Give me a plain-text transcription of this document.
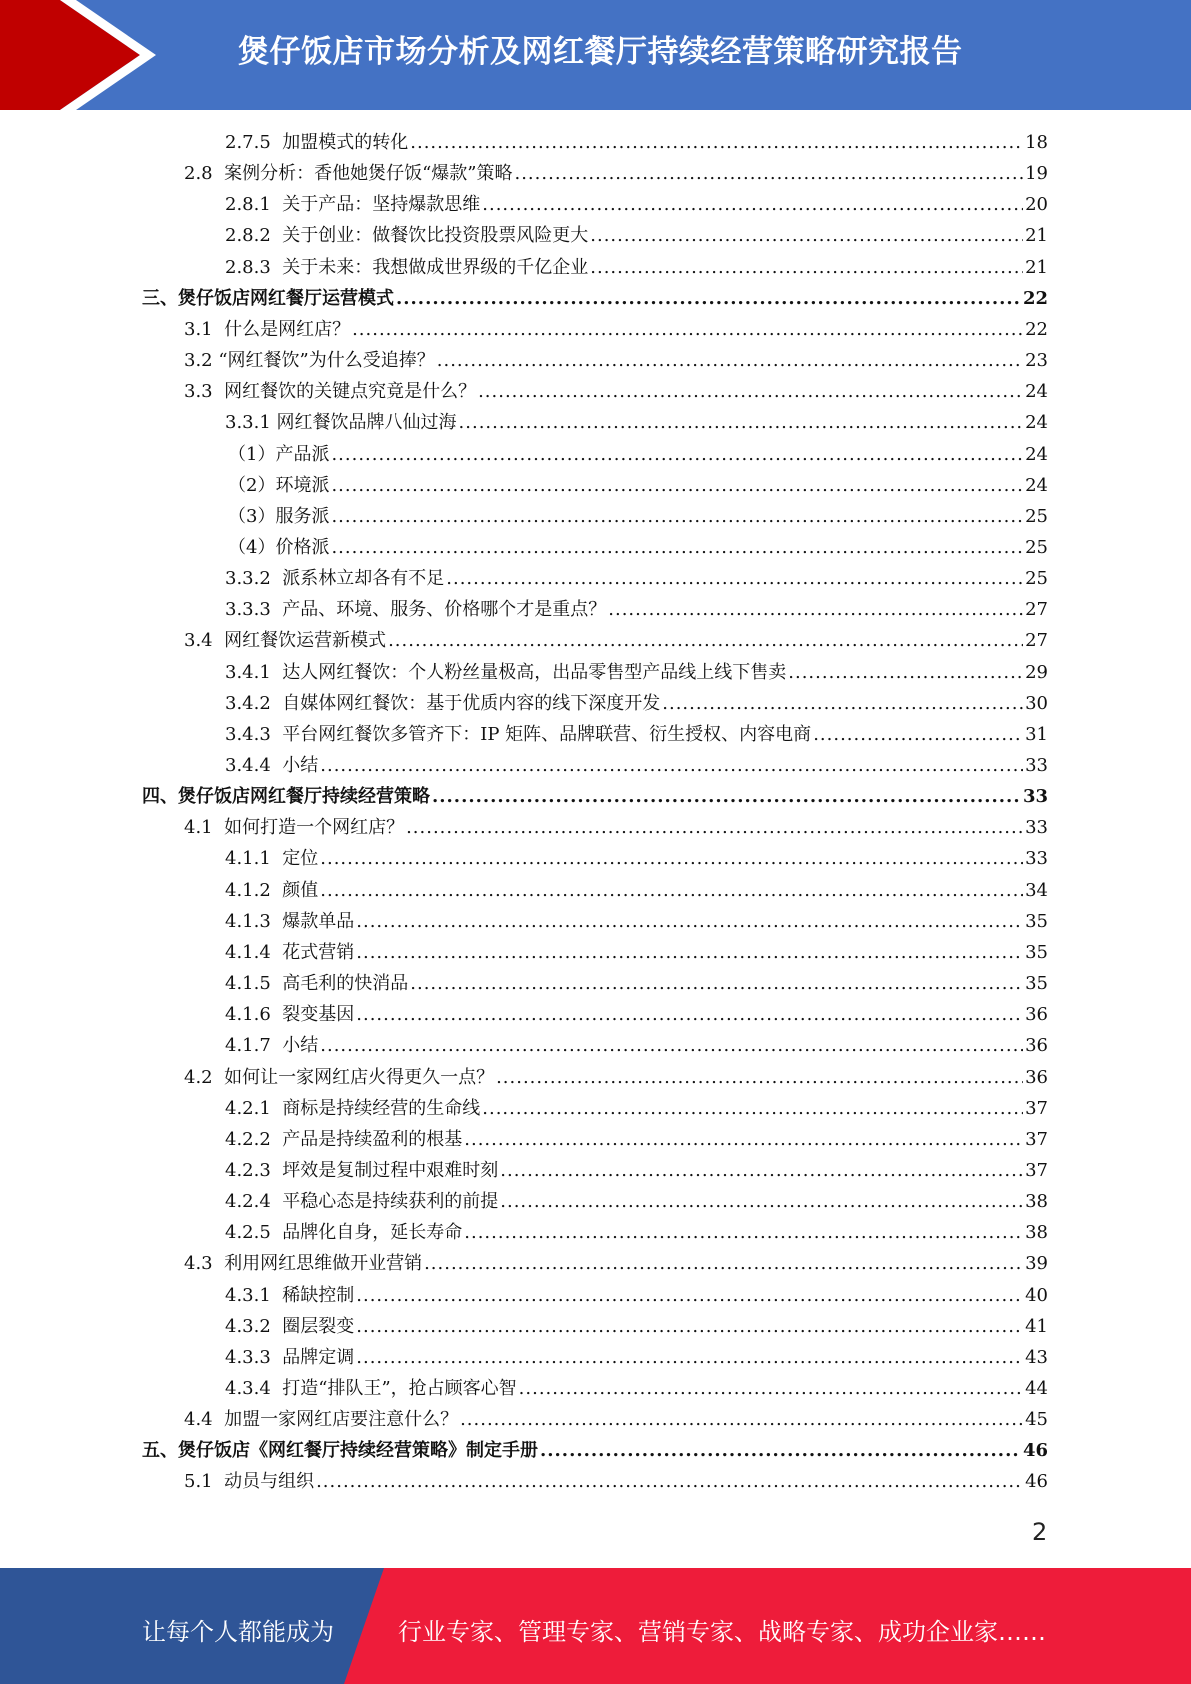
煲仔饭店市场分析及网红餐厅持续经营策略研究报告
2.7.5  加盟模式的转化 .....	18
2.8  案例分析：香他她煲仔饭“爆款”策略 .....	19
2.8.1  关于产品：坚持爆款思维 .....	20
2.8.2  关于创业：做餐饮比投资股票风险更大 .....	21
2.8.3  关于未来：我想做成世界级的千亿企业 .....	21
三、煲仔饭店网红餐厅运营模式 .....	22
3.1  什么是网红店？ .....	22
3.2 “网红餐饮”为什么受追捧？ .....	23
3.3  网红餐饮的关键点究竟是什么？ .....	24
3.3.1 网红餐饮品牌八仙过海 .....	24
（1）产品派 .....	24
（2）环境派 .....	24
（3）服务派 .....	25
（4）价格派 .....	25
3.3.2  派系林立却各有不足 .....	25
3.3.3  产品、环境、服务、价格哪个才是重点？ .....	27
3.4  网红餐饮运营新模式 .....	27
3.4.1  达人网红餐饮：个人粉丝量极高，出品零售型产品线上线下售卖 .....	29
3.4.2  自媒体网红餐饮：基于优质内容的线下深度开发 .....	30
3.4.3  平台网红餐饮多管齐下：IP 矩阵、品牌联营、衍生授权、内容电商 .....	31
3.4.4  小结 .....	33
四、煲仔饭店网红餐厅持续经营策略 .....	33
4.1  如何打造一个网红店？ .....	33
4.1.1  定位 .....	33
4.1.2  颜值 .....	34
4.1.3  爆款单品 .....	35
4.1.4  花式营销 .....	35
4.1.5  高毛利的快消品 .....	35
4.1.6  裂变基因 .....	36
4.1.7  小结 .....	36
4.2  如何让一家网红店火得更久一点？ .....	36
4.2.1  商标是持续经营的生命线 .....	37
4.2.2  产品是持续盈利的根基 .....	37
4.2.3  坪效是复制过程中艰难时刻 .....	37
4.2.4  平稳心态是持续获利的前提 .....	38
4.2.5  品牌化自身，延长寿命 .....	38
4.3  利用网红思维做开业营销 .....	39
4.3.1  稀缺控制 .....	40
4.3.2  圈层裂变 .....	41
4.3.3  品牌定调 .....	43
4.3.4  打造“排队王”，抢占顾客心智 .....	44
4.4  加盟一家网红店要注意什么？ .....	45
五、煲仔饭店《网红餐厅持续经营策略》制定手册 .....	46
5.1  动员与组织 .....	46
2
让每个人都能成为	行业专家、管理专家、营销专家、战略专家、成功企业家……
